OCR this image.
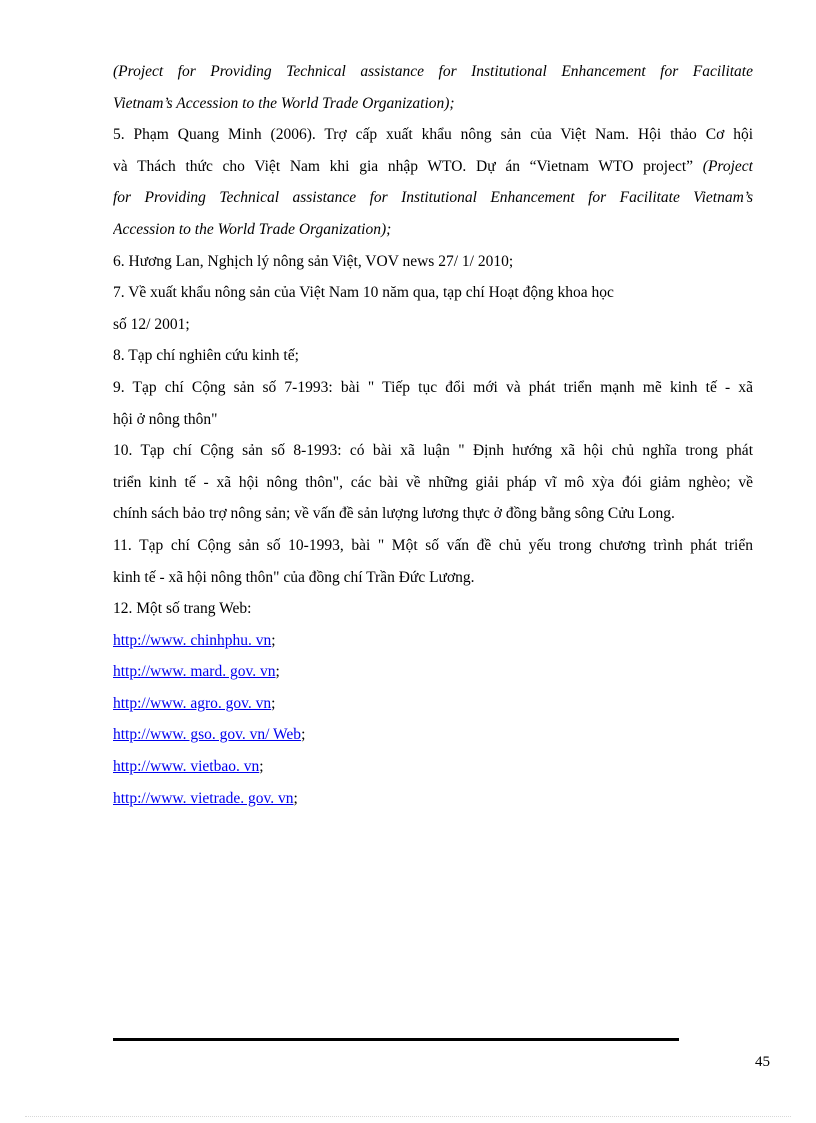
(Project for Providing Technical assistance for Institutional Enhancement for Facilitate
Vietnam’s Accession to the World Trade Organization);
5. Phạm Quang Minh (2006). Trợ cấp xuất khẩu nông sản của Việt Nam. Hội thảo Cơ hội
và Thách thức cho Việt Nam khi gia nhập WTO. Dự án “Vietnam WTO project” (Project
for Providing Technical assistance for Institutional Enhancement for Facilitate Vietnam’s
Accession to the World Trade Organization);
6. Hương Lan, Nghịch lý nông sản Việt, VOV news 27/ 1/ 2010;
7. Về xuất khẩu nông sản của Việt Nam 10 năm qua, tạp chí Hoạt động khoa học
số 12/ 2001;
8. Tạp chí nghiên cứu kinh tế;
9. Tạp chí Cộng sản số 7-1993: bài " Tiếp tục đổi mới và phát triển mạnh mẽ kinh tế - xã
hội ở nông thôn"
10. Tạp chí Cộng sản số 8-1993: có bài xã luận " Định hướng xã hội chủ nghĩa trong phát
triển kinh tế - xã hội nông thôn", các bài về những giải pháp vĩ mô xỳa đói giảm nghèo; về
chính sách bảo trợ nông sản; về vấn đề sản lượng lương thực ở đồng bằng sông Cửu Long.
11. Tạp chí Cộng sản số 10-1993, bài " Một số vấn đề chủ yếu trong chương trình phát triển
kinh tế - xã hội nông thôn" của đồng chí Trần Đức Lương.
12. Một số trang Web:
http://www. chinhphu. vn;
http://www. mard. gov. vn;
http://www. agro. gov. vn;
http://www. gso. gov. vn/ Web;
http://www. vietbao. vn;
http://www. vietrade. gov. vn;
45
